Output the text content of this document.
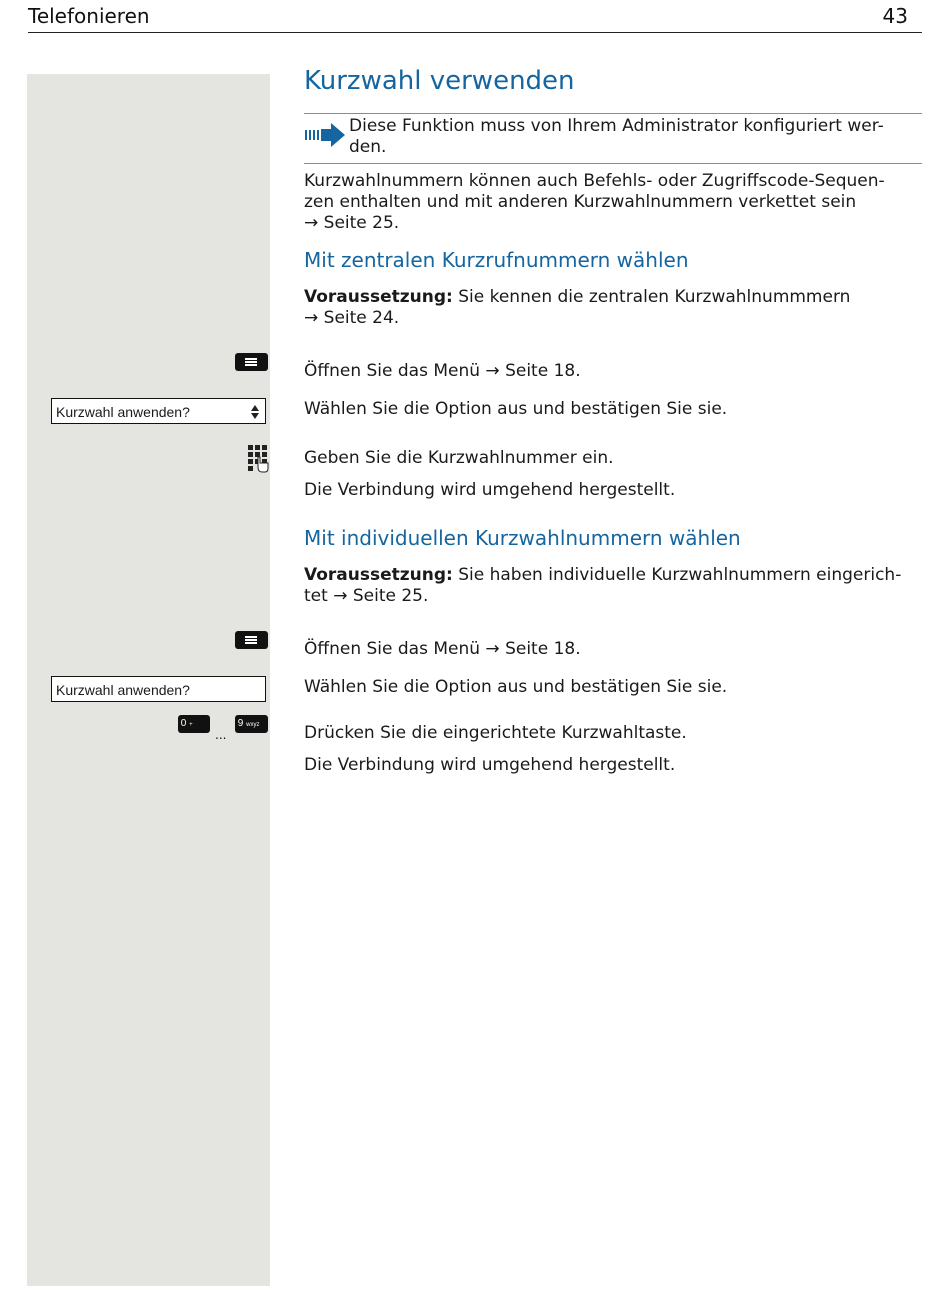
Telefonieren	43
Kurzwahl verwenden
Diese Funktion muss von Ihrem Administrator konfiguriert wer-
den.
Kurzwahlnummern können auch Befehls- oder Zugriffscode-Sequen-
zen enthalten und mit anderen Kurzwahlnummern verkettet sein
→ Seite 25.
Mit zentralen Kurzrufnummern wählen
Voraussetzung: Sie kennen die zentralen Kurzwahlnummmern
→ Seite 24.
Öffnen Sie das Menü → Seite 18.
Kurzwahl anwenden?	Wählen Sie die Option aus und bestätigen Sie sie.
Geben Sie die Kurzwahlnummer ein.
Die Verbindung wird umgehend hergestellt.
Mit individuellen Kurzwahlnummern wählen
Voraussetzung: Sie haben individuelle Kurzwahlnummern eingerich-
tet → Seite 25.
Öffnen Sie das Menü → Seite 18.
Kurzwahl anwenden?	Wählen Sie die Option aus und bestätigen Sie sie.
0 +
...
9 wxyz	Drücken Sie die eingerichtete Kurzwahltaste.
Die Verbindung wird umgehend hergestellt.
